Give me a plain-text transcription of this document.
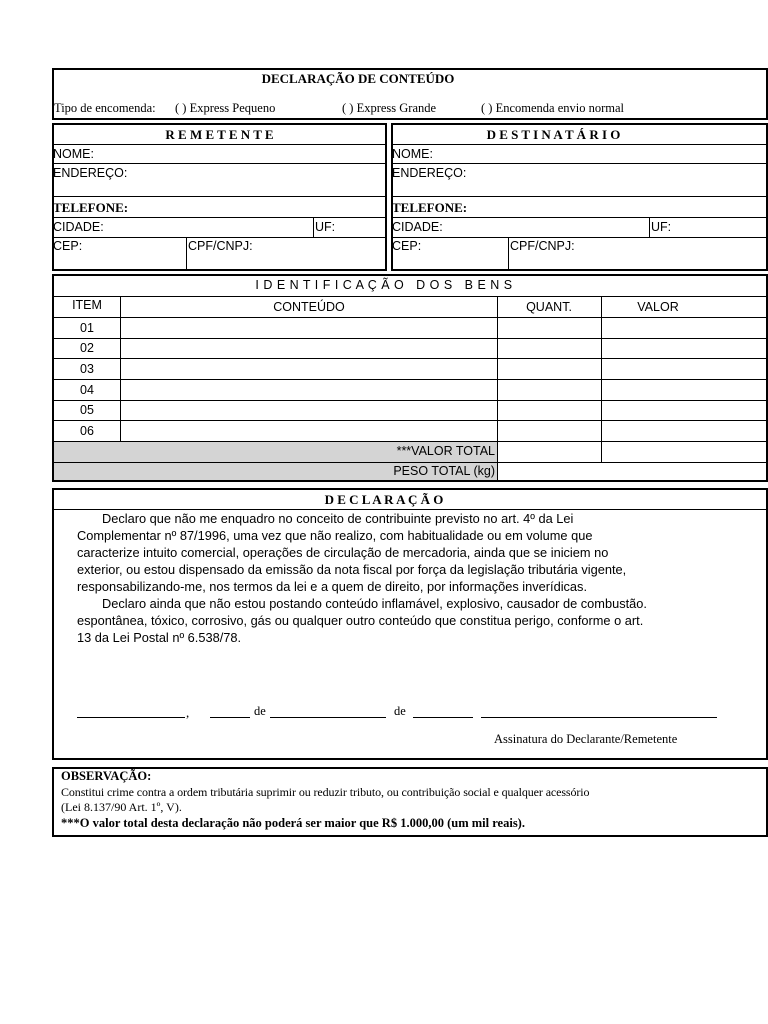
DECLARAÇÃO DE CONTEÚDO
Tipo de encomenda: ( ) Express Pequeno	( ) Express Grande	( ) Encomenda envio normal
R E M E T E N T E
NOME:
ENDEREÇO:
TELEFONE:
CIDADE:	UF:
CEP:	CPF/CNPJ:
D E S T I N A T Á R I O
NOME:
ENDEREÇO:
TELEFONE:
CIDADE:	UF:
CEP:	CPF/CNPJ:
I D E N T I F I C A Ç Ã O   D O S   B E N S
ITEM	CONTEÚDO	QUANT.	VALOR
01
02
03
04
05
06
***VALOR TOTAL
PESO TOTAL (kg)
D E C L A R A Ç Ã O
Declaro que não me enquadro no conceito de contribuinte previsto no art. 4º da Lei
Complementar nº 87/1996, uma vez que não realizo, com habitualidade ou em volume que
caracterize intuito comercial, operações de circulação de mercadoria, ainda que se iniciem no
exterior, ou estou dispensado da emissão da nota fiscal por força da legislação tributária vigente,
responsabilizando-me, nos termos da lei e a quem de direito, por informações inverídicas.
Declaro ainda que não estou postando conteúdo inflamável, explosivo, causador de combustão.
espontânea, tóxico, corrosivo, gás ou qualquer outro conteúdo que constitua perigo, conforme o art.
13 da Lei Postal nº 6.538/78.
,	de	de
Assinatura do Declarante/Remetente
OBSERVAÇÃO:
Constitui crime contra a ordem tributária suprimir ou reduzir tributo, ou contribuição social e qualquer acessório
(Lei 8.137/90 Art. 1º, V).
***O valor total desta declaração não poderá ser maior que R$ 1.000,00 (um mil reais).
